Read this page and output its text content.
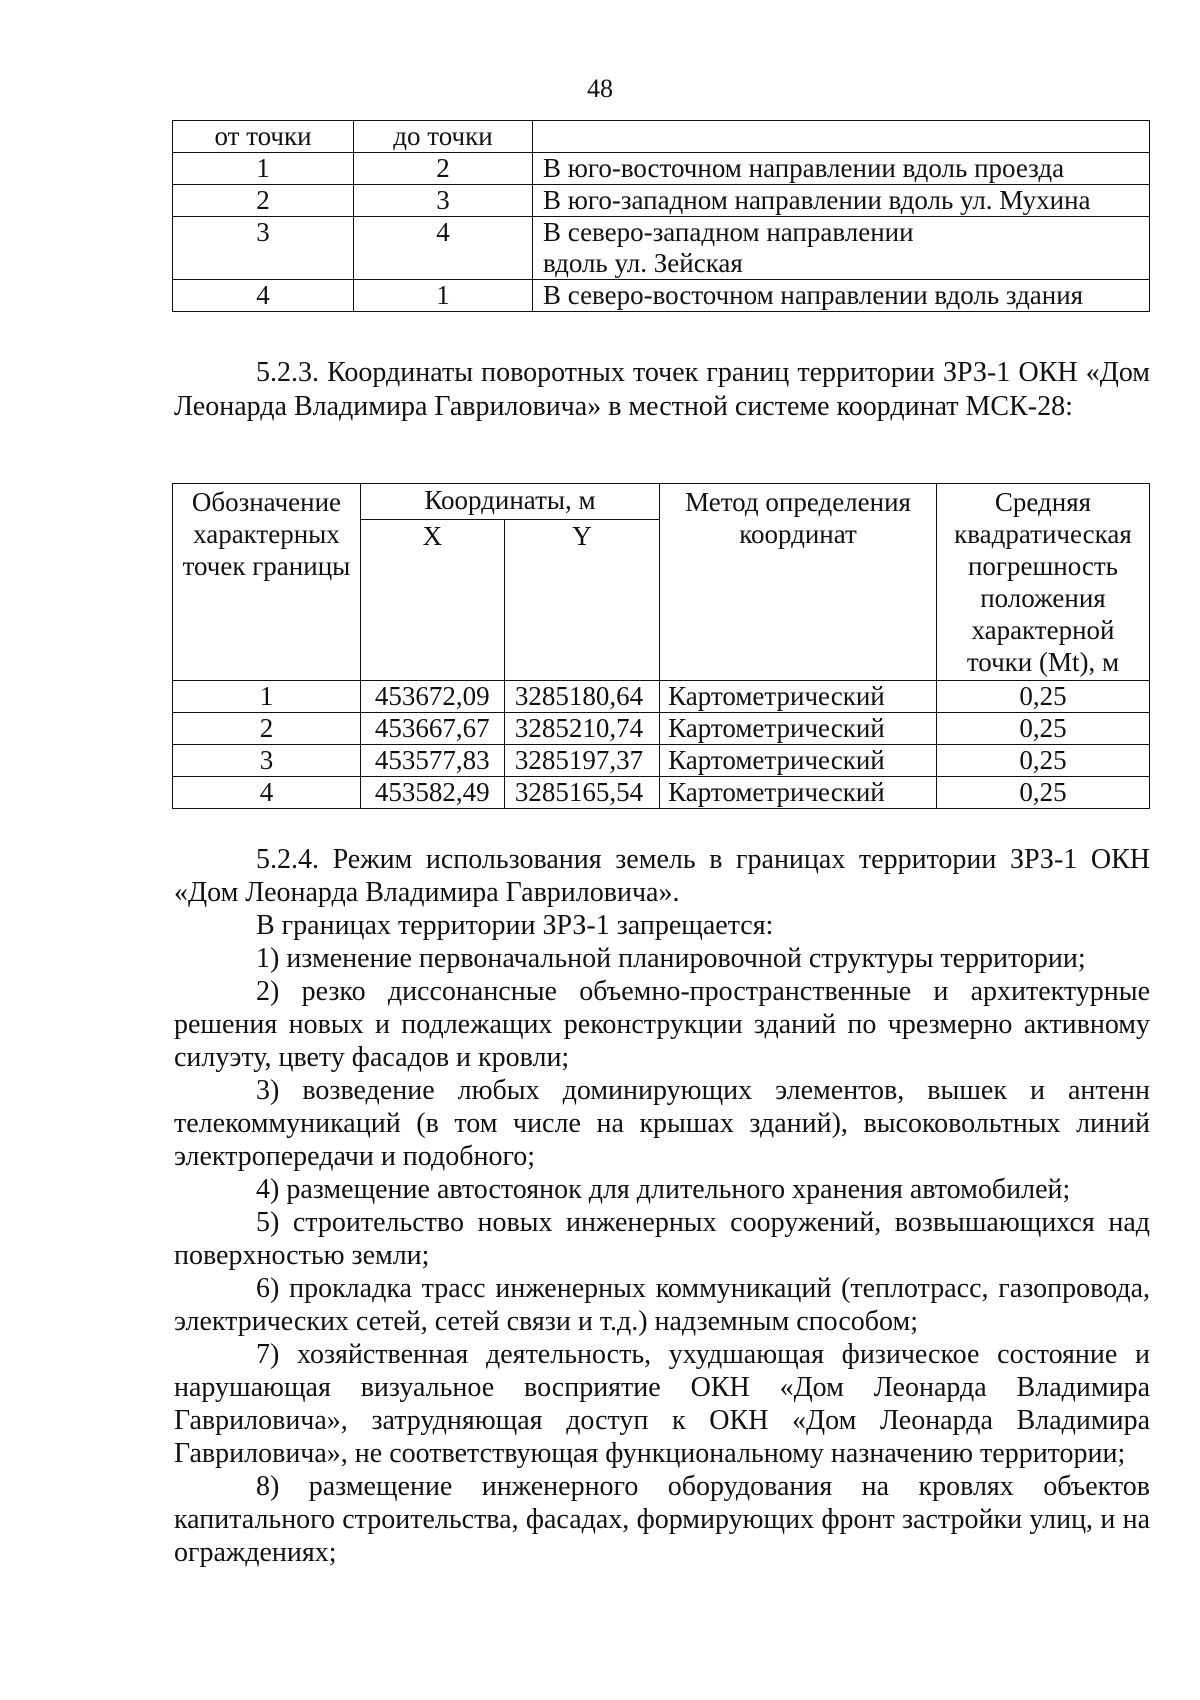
48
от точки	до точки	
1	2	В юго-восточном направлении вдоль проезда
2	3	В юго-западном направлении вдоль ул. Мухина
3	4	В северо-западном направлении вдоль ул. Зейская
4	1	В северо-восточном направлении вдоль здания
5.2.3. Координаты поворотных точек границ территории ЗРЗ-1 ОКН «Дом Леонарда Владимира Гавриловича» в местной системе координат МСК-28:
Обозначение характерных точек границы	Координаты, м		Метод определения координат	Средняя квадратическая погрешность положения характерной точки (Mt), м
	X	Y		
1	453672,09	3285180,64	Картометрический	0,25
2	453667,67	3285210,74	Картометрический	0,25
3	453577,83	3285197,37	Картометрический	0,25
4	453582,49	3285165,54	Картометрический	0,25

5.2.4. Режим использования земель в границах территории ЗРЗ-1 ОКН «Дом Леонарда Владимира Гавриловича».

В границах территории ЗРЗ-1 запрещается:

1) изменение первоначальной планировочной структуры территории;

2) резко диссонансные объемно-пространственные и архитектурные решения новых и подлежащих реконструкции зданий по чрезмерно активному силуэту, цвету фасадов и кровли;

3) возведение любых доминирующих элементов, вышек и антенн телекоммуникаций (в том числе на крышах зданий), высоковольтных линий электропередачи и подобного;

4) размещение автостоянок для длительного хранения автомобилей;

5) строительство новых инженерных сооружений, возвышающихся над поверхностью земли;

6) прокладка трасс инженерных коммуникаций (теплотрасс, газопровода, электрических сетей, сетей связи и т.д.) надземным способом;

7) хозяйственная деятельность, ухудшающая физическое состояние и нарушающая визуальное восприятие ОКН «Дом Леонарда Владимира Гавриловича», затрудняющая доступ к ОКН «Дом Леонарда Владимира Гавриловича», не соответствующая функциональному назначению территории;

8) размещение инженерного оборудования на кровлях объектов капитального строительства, фасадах, формирующих фронт застройки улиц, и на ограждениях;
